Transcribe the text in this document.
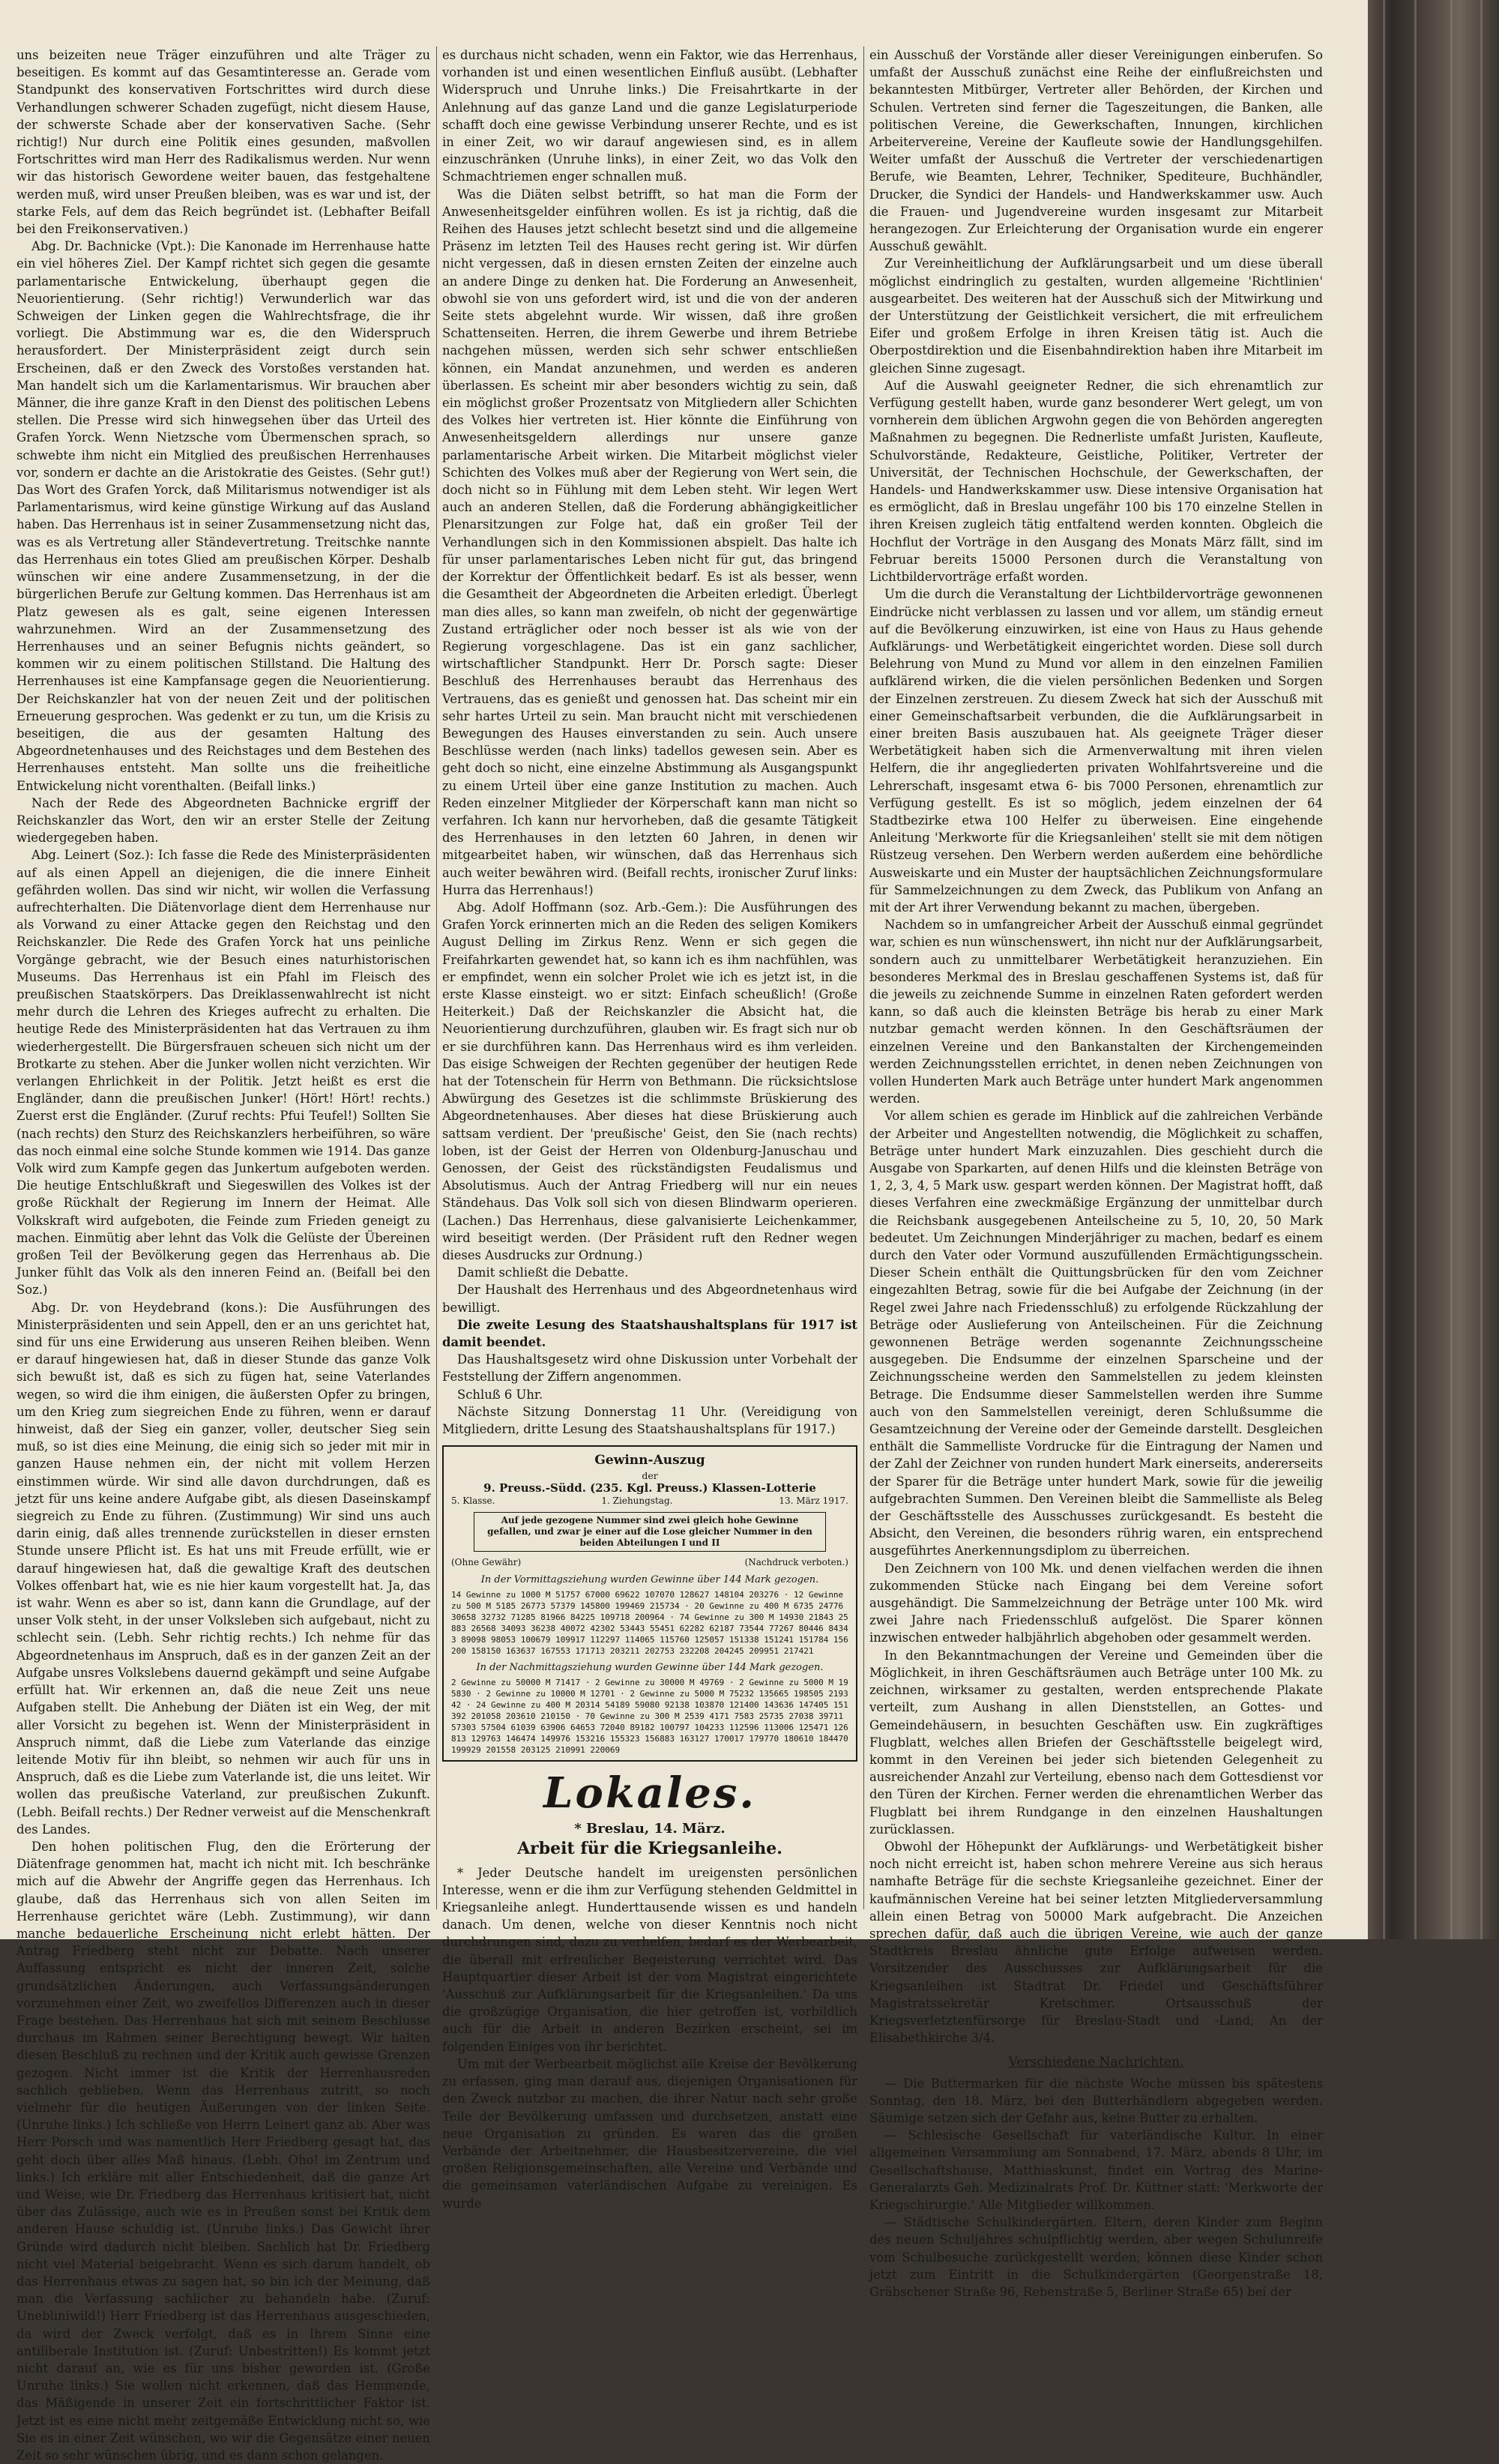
uns beizeiten neue Träger einzuführen und alte Träger zu beseitigen. Es kommt auf das Gesamtinteresse an. Gerade vom Standpunkt des konservativen Fortschrittes wird durch diese Verhandlungen schwerer Schaden zugefügt, nicht diesem Hause, der schwerste Schade aber der konservativen Sache. (Sehr richtig!) Nur durch eine Politik eines gesunden, maßvollen Fortschrittes wird man Herr des Radikalismus werden. Nur wenn wir das historisch Gewordene weiter bauen, das festgehaltene werden muß, wird unser Preußen bleiben, was es war und ist, der starke Fels, auf dem das Reich begründet ist. (Lebhafter Beifall bei den Freikonservativen.)

Abg. Dr. Bachnicke (Vpt.): Die Kanonade im Herrenhause hatte ein viel höheres Ziel. Der Kampf richtet sich gegen die gesamte parlamentarische Entwickelung, überhaupt gegen die Neuorientierung. (Sehr richtig!) Verwunderlich war das Schweigen der Linken gegen die Wahlrechtsfrage, die ihr vorliegt. Die Abstimmung war es, die den Widerspruch herausfordert. Der Ministerpräsident zeigt durch sein Erscheinen, daß er den Zweck des Vorstoßes verstanden hat. Man handelt sich um die Karlamentarismus. Wir brauchen aber Männer, die ihre ganze Kraft in den Dienst des politischen Lebens stellen. Die Presse wird sich hinwegsehen über das Urteil des Grafen Yorck. Wenn Nietzsche vom Übermenschen sprach, so schwebte ihm nicht ein Mitglied des preußischen Herrenhauses vor, sondern er dachte an die Aristokratie des Geistes. (Sehr gut!) Das Wort des Grafen Yorck, daß Militarismus notwendiger ist als Parlamentarismus, wird keine günstige Wirkung auf das Ausland haben. Das Herrenhaus ist in seiner Zusammensetzung nicht das, was es als Vertretung aller Ständevertretung. Treitschke nannte das Herrenhaus ein totes Glied am preußischen Körper. Deshalb wünschen wir eine andere Zusammensetzung, in der die bürgerlichen Berufe zur Geltung kommen. Das Herrenhaus ist am Platz gewesen als es galt, seine eigenen Interessen wahrzunehmen. Wird an der Zusammensetzung des Herrenhauses und an seiner Befugnis nichts geändert, so kommen wir zu einem politischen Stillstand. Die Haltung des Herrenhauses ist eine Kampfansage gegen die Neuorientierung. Der Reichskanzler hat von der neuen Zeit und der politischen Erneuerung gesprochen. Was gedenkt er zu tun, um die Krisis zu beseitigen, die aus der gesamten Haltung des Abgeordnetenhauses und des Reichstages und dem Bestehen des Herrenhauses entsteht. Man sollte uns die freiheitliche Entwickelung nicht vorenthalten. (Beifall links.)

Nach der Rede des Abgeordneten Bachnicke ergriff der Reichskanzler das Wort, den wir an erster Stelle der Zeitung wiedergegeben haben.

Abg. Leinert (Soz.): Ich fasse die Rede des Ministerpräsidenten auf als einen Appell an diejenigen, die die innere Einheit gefährden wollen. Das sind wir nicht, wir wollen die Verfassung aufrechterhalten. Die Diätenvorlage dient dem Herrenhause nur als Vorwand zu einer Attacke gegen den Reichstag und den Reichskanzler. Die Rede des Grafen Yorck hat uns peinliche Vorgänge gebracht, wie der Besuch eines naturhistorischen Museums. Das Herrenhaus ist ein Pfahl im Fleisch des preußischen Staatskörpers. Das Dreiklassenwahlrecht ist nicht mehr durch die Lehren des Krieges aufrecht zu erhalten. Die heutige Rede des Ministerpräsidenten hat das Vertrauen zu ihm wiederhergestellt. Die Bürgersfrauen scheuen sich nicht um der Brotkarte zu stehen. Aber die Junker wollen nicht verzichten. Wir verlangen Ehrlichkeit in der Politik. Jetzt heißt es erst die Engländer, dann die preußischen Junker! (Hört! Hört! rechts.) Zuerst erst die Engländer. (Zuruf rechts: Pfui Teufel!) Sollten Sie (nach rechts) den Sturz des Reichskanzlers herbeiführen, so wäre das noch einmal eine solche Stunde kommen wie 1914. Das ganze Volk wird zum Kampfe gegen das Junkertum aufgeboten werden. Die heutige Entschlußkraft und Siegeswillen des Volkes ist der große Rückhalt der Regierung im Innern der Heimat. Alle Volkskraft wird aufgeboten, die Feinde zum Frieden geneigt zu machen. Einmütig aber lehnt das Volk die Gelüste der Übereinen großen Teil der Bevölkerung gegen das Herrenhaus ab. Die Junker fühlt das Volk als den inneren Feind an. (Beifall bei den Soz.)

Abg. Dr. von Heydebrand (kons.): Die Ausführungen des Ministerpräsidenten und sein Appell, den er an uns gerichtet hat, sind für uns eine Erwiderung aus unseren Reihen bleiben. Wenn er darauf hingewiesen hat, daß in dieser Stunde das ganze Volk sich bewußt ist, daß es sich zu fügen hat, seine Vaterlandes wegen, so wird die ihm einigen, die äußersten Opfer zu bringen, um den Krieg zum siegreichen Ende zu führen, wenn er darauf hinweist, daß der Sieg ein ganzer, voller, deutscher Sieg sein muß, so ist dies eine Meinung, die einig sich so jeder mit mir in ganzen Hause nehmen ein, der nicht mit vollem Herzen einstimmen würde. Wir sind alle davon durchdrungen, daß es jetzt für uns keine andere Aufgabe gibt, als diesen Daseinskampf siegreich zu Ende zu führen. (Zustimmung) Wir sind uns auch darin einig, daß alles trennende zurückstellen in dieser ernsten Stunde unsere Pflicht ist. Es hat uns mit Freude erfüllt, wie er darauf hingewiesen hat, daß die gewaltige Kraft des deutschen Volkes offenbart hat, wie es nie hier kaum vorgestellt hat. Ja, das ist wahr. Wenn es aber so ist, dann kann die Grundlage, auf der unser Volk steht, in der unser Volksleben sich aufgebaut, nicht zu schlecht sein. (Lebh. Sehr richtig rechts.) Ich nehme für das Abgeordnetenhaus im Anspruch, daß es in der ganzen Zeit an der Aufgabe unsres Volkslebens dauernd gekämpft und seine Aufgabe erfüllt hat. Wir erkennen an, daß die neue Zeit uns neue Aufgaben stellt. Die Anhebung der Diäten ist ein Weg, der mit aller Vorsicht zu begehen ist. Wenn der Ministerpräsident in Anspruch nimmt, daß die Liebe zum Vaterlande das einzige leitende Motiv für ihn bleibt, so nehmen wir auch für uns in Anspruch, daß es die Liebe zum Vaterlande ist, die uns leitet. Wir wollen das preußische Vaterland, zur preußischen Zukunft. (Lebh. Beifall rechts.) Der Redner verweist auf die Menschenkraft des Landes.

Den hohen politischen Flug, den die Erörterung der Diätenfrage genommen hat, macht ich nicht mit. Ich beschränke mich auf die Abwehr der Angriffe gegen das Herrenhaus. Ich glaube, daß das Herrenhaus sich von allen Seiten im Herrenhause gerichtet wäre (Lebh. Zustimmung), wir dann manche bedauerliche Erscheinung nicht erlebt hätten. Der Antrag Friedberg steht nicht zur Debatte. Nach unserer Auffassung entspricht es nicht der inneren Zeit, solche grundsätzlichen Änderungen, auch Verfassungsänderungen vorzunehmen einer Zeit, wo zweifellos Differenzen auch in dieser Frage bestehen. Das Herrenhaus hat sich mit seinem Beschlusse durchaus im Rahmen seiner Berechtigung bewegt. Wir halten diesen Beschluß zu rechnen und der Kritik auch gewisse Grenzen gezogen. Nicht immer ist die Kritik der Herrenhausreden sachlich geblieben. Wenn das Herrenhaus zutritt, so noch vielmehr für die heutigen Äußerungen von der linken Seite. (Unruhe links.) Ich schließe von Herrn Leinert ganz ab. Aber was Herr Porsch und was namentlich Herr Friedberg gesagt hat, das geht doch über alles Maß hinaus. (Lebh. Oho! im Zentrum und links.) Ich erkläre mit aller Entschiedenheit, daß die ganze Art und Weise, wie Dr. Friedberg das Herrenhaus kritisiert hat, nicht über das Zulässige, auch wie es in Preußen sonst bei Kritik dem anderen Hause schuldig ist. (Unruhe links.) Das Gewicht ihrer Gründe wird dadurch nicht bleiben. Sachlich hat Dr. Friedberg nicht viel Material beigebracht. Wenn es sich darum handelt, ob das Herrenhaus etwas zu sagen hat, so bin ich der Meinung, daß man die Verfassung sachlicher zu behandeln habe. (Zuruf: Unebliniwild!) Herr Friedberg ist das Herrenhaus ausgeschieden, da wird der Zweck verfolgt, daß es in Ihrem Sinne eine antiliberale Institution ist. (Zuruf: Unbestritten!) Es kommt jetzt nicht darauf an, wie es für uns bisher geworden ist. (Große Unruhe links.) Sie wollen nicht erkennen, daß das Hemmende, das Mäßigende in unserer Zeit ein fortschrittlicher Faktor ist. Jetzt ist es eine nicht mehr zeitgemäße Entwicklung nicht so, wie Sie es in einer Zeit wünschen, wo wir die Gegensätze einer neuen Zeit so sehr wünschen übrig, und es dann schon gelangen.

es durchaus nicht schaden, wenn ein Faktor, wie das Herrenhaus, vorhanden ist und einen wesentlichen Einfluß ausübt. (Lebhafter Widerspruch und Unruhe links.) Die Freisahrtkarte in der Anlehnung auf das ganze Land und die ganze Legislaturperiode schafft doch eine gewisse Verbindung unserer Rechte, und es ist in einer Zeit, wo wir darauf angewiesen sind, es in allem einzuschränken (Unruhe links), in einer Zeit, wo das Volk den Schmachtriemen enger schnallen muß.

Was die Diäten selbst betrifft, so hat man die Form der Anwesenheitsgelder einführen wollen. Es ist ja richtig, daß die Reihen des Hauses jetzt schlecht besetzt sind und die allgemeine Präsenz im letzten Teil des Hauses recht gering ist. Wir dürfen nicht vergessen, daß in diesen ernsten Zeiten der einzelne auch an andere Dinge zu denken hat. Die Forderung an Anwesenheit, obwohl sie von uns gefordert wird, ist und die von der anderen Seite stets abgelehnt wurde. Wir wissen, daß ihre großen Schattenseiten. Herren, die ihrem Gewerbe und ihrem Betriebe nachgehen müssen, werden sich sehr schwer entschließen können, ein Mandat anzunehmen, und werden es anderen überlassen. Es scheint mir aber besonders wichtig zu sein, daß ein möglichst großer Prozentsatz von Mitgliedern aller Schichten des Volkes hier vertreten ist. Hier könnte die Einführung von Anwesenheitsgeldern allerdings nur unsere ganze parlamentarische Arbeit wirken. Die Mitarbeit möglichst vieler Schichten des Volkes muß aber der Regierung von Wert sein, die doch nicht so in Fühlung mit dem Leben steht. Wir legen Wert auch an anderen Stellen, daß die Forderung abhängigkeitlicher Plenarsitzungen zur Folge hat, daß ein großer Teil der Verhandlungen sich in den Kommissionen abspielt. Das halte ich für unser parlamentarisches Leben nicht für gut, das bringend der Korrektur der Öffentlichkeit bedarf. Es ist als besser, wenn die Gesamtheit der Abgeordneten die Arbeiten erledigt. Überlegt man dies alles, so kann man zweifeln, ob nicht der gegenwärtige Zustand erträglicher oder noch besser ist als wie von der Regierung vorgeschlagene. Das ist ein ganz sachlicher, wirtschaftlicher Standpunkt. Herr Dr. Porsch sagte: Dieser Beschluß des Herrenhauses beraubt das Herrenhaus des Vertrauens, das es genießt und genossen hat. Das scheint mir ein sehr hartes Urteil zu sein. Man braucht nicht mit verschiedenen Bewegungen des Hauses einverstanden zu sein. Auch unsere Beschlüsse werden (nach links) tadellos gewesen sein. Aber es geht doch so nicht, eine einzelne Abstimmung als Ausgangspunkt zu einem Urteil über eine ganze Institution zu machen. Auch Reden einzelner Mitglieder der Körperschaft kann man nicht so verfahren. Ich kann nur hervorheben, daß die gesamte Tätigkeit des Herrenhauses in den letzten 60 Jahren, in denen wir mitgearbeitet haben, wir wünschen, daß das Herrenhaus sich auch weiter bewähren wird. (Beifall rechts, ironischer Zuruf links: Hurra das Herrenhaus!)

Abg. Adolf Hoffmann (soz. Arb.-Gem.): Die Ausführungen des Grafen Yorck erinnerten mich an die Reden des seligen Komikers August Delling im Zirkus Renz. Wenn er sich gegen die Freifahrkarten gewendet hat, so kann ich es ihm nachfühlen, was er empfindet, wenn ein solcher Prolet wie ich es jetzt ist, in die erste Klasse einsteigt. wo er sitzt: Einfach scheußlich! (Große Heiterkeit.) Daß der Reichskanzler die Absicht hat, die Neuorientierung durchzuführen, glauben wir. Es fragt sich nur ob er sie durchführen kann. Das Herrenhaus wird es ihm verleiden. Das eisige Schweigen der Rechten gegenüber der heutigen Rede hat der Totenschein für Herrn von Bethmann. Die rücksichtslose Abwürgung des Gesetzes ist die schlimmste Brüskierung des Abgeordnetenhauses. Aber dieses hat diese Brüskierung auch sattsam verdient. Der 'preußische' Geist, den Sie (nach rechts) loben, ist der Geist der Herren von Oldenburg-Januschau und Genossen, der Geist des rückständigsten Feudalismus und Absolutismus. Auch der Antrag Friedberg will nur ein neues Ständehaus. Das Volk soll sich von diesen Blindwarm operieren. (Lachen.) Das Herrenhaus, diese galvanisierte Leichenkammer, wird beseitigt werden. (Der Präsident ruft den Redner wegen dieses Ausdrucks zur Ordnung.)

Damit schließt die Debatte.

Der Haushalt des Herrenhaus und des Abgeordnetenhaus wird bewilligt.

Die zweite Lesung des Staatshaushaltsplans für 1917 ist damit beendet.

Das Haushaltsgesetz wird ohne Diskussion unter Vorbehalt der Feststellung der Ziffern angenommen.

Schluß 6 Uhr.

Nächste Sitzung Donnerstag 11 Uhr. (Vereidigung von Mitgliedern, dritte Lesung des Staatshaushaltsplans für 1917.)

Gewinn-Auszug
der
9. Preuss.-Südd. (235. Kgl. Preuss.) Klassen-Lotterie
5. Klasse.	1. Ziehungstag.	13. März 1917.
Auf jede gezogene Nummer sind zwei gleich hohe Gewinne gefallen, und zwar je einer auf die Lose gleicher Nummer in den beiden Abteilungen I und II
(Ohne Gewähr)	(Nachdruck verboten.)
In der Vormittagsziehung wurden Gewinne über 144 Mark gezogen.
14 Gewinne zu 1000 M 51757 67000 69622 107070 128627 148104 203276 · 12 Gewinne zu 500 M 5185 26773 57379 145800 199469 215734 · 20 Gewinne zu 400 M 6735 24776 30658 32732 71285 81966 84225 109718 200964 · 74 Gewinne zu 300 M 14930 21843 25883 26568 34093 36238 40072 42302 53443 55451 62282 62187 73544 77267 80446 84343 89098 98053 100679 109917 112297 114065 115760 125057 151338 151241 151784 156200 158150 163637 167553 171713 203211 202753 232208 204245 209951 217421
In der Nachmittagsziehung wurden Gewinne über 144 Mark gezogen.
2 Gewinne zu 50000 M 71417 · 2 Gewinne zu 30000 M 49769 · 2 Gewinne zu 5000 M 195830 · 2 Gewinne zu 10000 M 12701 · 2 Gewinne zu 5000 M 75232 135665 198505 219342 · 24 Gewinne zu 400 M 20314 54189 59080 92138 103870 121400 143636 147405 151392 201058 203610 210150 · 70 Gewinne zu 300 M 2539 4171 7583 25735 27038 39711 57303 57504 61039 63906 64653 72040 89182 100797 104233 112596 113006 125471 126813 129763 146474 149976 153216 155323 156883 163127 170017 179770 180610 184470 199929 201558 203125 210991 220069
Lokales.
* Breslau, 14. März.
Arbeit für die Kriegsanleihe.

* Jeder Deutsche handelt im ureigensten persönlichen Interesse, wenn er die ihm zur Verfügung stehenden Geldmittel in Kriegsanleihe anlegt. Hunderttausende wissen es und handeln danach. Um denen, welche von dieser Kenntnis noch nicht durchdrungen sind, dazu zu verhelfen, bedarf es der Werbearbeit, die überall mit erfreulicher Begeisterung verrichtet wird. Das Hauptquartier dieser Arbeit ist der vom Magistrat eingerichtete 'Ausschuß zur Aufklärungsarbeit für die Kriegsanleihen.' Da uns die großzügige Organisation, die hier getroffen ist, vorbildlich auch für die Arbeit in anderen Bezirken erscheint, sei im folgenden Einiges von ihr berichtet.

Um mit der Werbearbeit möglichst alle Kreise der Bevölkerung zu erfassen, ging man darauf aus, diejenigen Organisationen für den Zweck nutzbar zu machen, die ihrer Natur nach sehr große Teile der Bevölkerung umfassen und durchsetzen, anstatt eine neue Organisation zu gründen. Es waren das die großen Verbände der Arbeitnehmer, die Hausbesitzervereine, die viel großen Religionsgemeinschaften, alle Vereine und Verbände und die gemeinsamen vaterländischen Aufgabe zu vereinigen. Es wurde

ein Ausschuß der Vorstände aller dieser Vereinigungen einberufen. So umfaßt der Ausschuß zunächst eine Reihe der einflußreichsten und bekanntesten Mitbürger, Vertreter aller Behörden, der Kirchen und Schulen. Vertreten sind ferner die Tageszeitungen, die Banken, alle politischen Vereine, die Gewerkschaften, Innungen, kirchlichen Arbeitervereine, Vereine der Kaufleute sowie der Handlungsgehilfen. Weiter umfaßt der Ausschuß die Vertreter der verschiedenartigen Berufe, wie Beamten, Lehrer, Techniker, Spediteure, Buchhändler, Drucker, die Syndici der Handels- und Handwerkskammer usw. Auch die Frauen- und Jugendvereine wurden insgesamt zur Mitarbeit herangezogen. Zur Erleichterung der Organisation wurde ein engerer Ausschuß gewählt.

Zur Vereinheitlichung der Aufklärungsarbeit und um diese überall möglichst eindringlich zu gestalten, wurden allgemeine 'Richtlinien' ausgearbeitet. Des weiteren hat der Ausschuß sich der Mitwirkung und der Unterstützung der Geistlichkeit versichert, die mit erfreulichem Eifer und großem Erfolge in ihren Kreisen tätig ist. Auch die Oberpostdirektion und die Eisenbahndirektion haben ihre Mitarbeit im gleichen Sinne zugesagt.

Auf die Auswahl geeigneter Redner, die sich ehrenamtlich zur Verfügung gestellt haben, wurde ganz besonderer Wert gelegt, um von vornherein dem üblichen Argwohn gegen die von Behörden angeregten Maßnahmen zu begegnen. Die Rednerliste umfaßt Juristen, Kaufleute, Schulvorstände, Redakteure, Geistliche, Politiker, Vertreter der Universität, der Technischen Hochschule, der Gewerkschaften, der Handels- und Handwerkskammer usw. Diese intensive Organisation hat es ermöglicht, daß in Breslau ungefähr 100 bis 170 einzelne Stellen in ihren Kreisen zugleich tätig entfaltend werden konnten. Obgleich die Hochflut der Vorträge in den Ausgang des Monats März fällt, sind im Februar bereits 15000 Personen durch die Veranstaltung von Lichtbildervorträge erfaßt worden.

Um die durch die Veranstaltung der Lichtbildervorträge gewonnenen Eindrücke nicht verblassen zu lassen und vor allem, um ständig erneut auf die Bevölkerung einzuwirken, ist eine von Haus zu Haus gehende Aufklärungs- und Werbetätigkeit eingerichtet worden. Diese soll durch Belehrung von Mund zu Mund vor allem in den einzelnen Familien aufklärend wirken, die die vielen persönlichen Bedenken und Sorgen der Einzelnen zerstreuen. Zu diesem Zweck hat sich der Ausschuß mit einer Gemeinschaftsarbeit verbunden, die die Aufklärungsarbeit in einer breiten Basis auszubauen hat. Als geeignete Träger dieser Werbetätigkeit haben sich die Armenverwaltung mit ihren vielen Helfern, die ihr angegliederten privaten Wohlfahrtsvereine und die Lehrerschaft, insgesamt etwa 6- bis 7000 Personen, ehrenamtlich zur Verfügung gestellt. Es ist so möglich, jedem einzelnen der 64 Stadtbezirke etwa 100 Helfer zu überweisen. Eine eingehende Anleitung 'Merkworte für die Kriegsanleihen' stellt sie mit dem nötigen Rüstzeug versehen. Den Werbern werden außerdem eine behördliche Ausweiskarte und ein Muster der hauptsächlichen Zeichnungsformulare für Sammelzeichnungen zu dem Zweck, das Publikum von Anfang an mit der Art ihrer Verwendung bekannt zu machen, übergeben.

Nachdem so in umfangreicher Arbeit der Ausschuß einmal gegründet war, schien es nun wünschenswert, ihn nicht nur der Aufklärungsarbeit, sondern auch zu unmittelbarer Werbetätigkeit heranzuziehen. Ein besonderes Merkmal des in Breslau geschaffenen Systems ist, daß für die jeweils zu zeichnende Summe in einzelnen Raten gefordert werden kann, so daß auch die kleinsten Beträge bis herab zu einer Mark nutzbar gemacht werden können. In den Geschäftsräumen der einzelnen Vereine und den Bankanstalten der Kirchengemeinden werden Zeichnungsstellen errichtet, in denen neben Zeichnungen von vollen Hunderten Mark auch Beträge unter hundert Mark angenommen werden.

Vor allem schien es gerade im Hinblick auf die zahlreichen Verbände der Arbeiter und Angestellten notwendig, die Möglichkeit zu schaffen, Beträge unter hundert Mark einzuzahlen. Dies geschieht durch die Ausgabe von Sparkarten, auf denen Hilfs und die kleinsten Beträge von 1, 2, 3, 4, 5 Mark usw. gespart werden können. Der Magistrat hofft, daß dieses Verfahren eine zweckmäßige Ergänzung der unmittelbar durch die Reichsbank ausgegebenen Anteilscheine zu 5, 10, 20, 50 Mark bedeutet. Um Zeichnungen Minderjähriger zu machen, bedarf es einem durch den Vater oder Vormund auszufüllenden Ermächtigungsschein. Dieser Schein enthält die Quittungsbrücken für den vom Zeichner eingezahlten Betrag, sowie für die bei Aufgabe der Zeichnung (in der Regel zwei Jahre nach Friedensschluß) zu erfolgende Rückzahlung der Beträge oder Auslieferung von Anteilscheinen. Für die Zeichnung gewonnenen Beträge werden sogenannte Zeichnungsscheine ausgegeben. Die Endsumme der einzelnen Sparscheine und der Zeichnungsscheine werden den Sammelstellen zu jedem kleinsten Betrage. Die Endsumme dieser Sammelstellen werden ihre Summe auch von den Sammelstellen vereinigt, deren Schlußsumme die Gesamtzeichnung der Vereine oder der Gemeinde darstellt. Desgleichen enthält die Sammelliste Vordrucke für die Eintragung der Namen und der Zahl der Zeichner von runden hundert Mark einerseits, andererseits der Sparer für die Beträge unter hundert Mark, sowie für die jeweilig aufgebrachten Summen. Den Vereinen bleibt die Sammelliste als Beleg der Geschäftsstelle des Ausschusses zurückgesandt. Es besteht die Absicht, den Vereinen, die besonders rührig waren, ein entsprechend ausgeführtes Anerkennungsdiplom zu überreichen.

Den Zeichnern von 100 Mk. und denen vielfachen werden die ihnen zukommenden Stücke nach Eingang bei dem Vereine sofort ausgehändigt. Die Sammelzeichnung der Beträge unter 100 Mk. wird zwei Jahre nach Friedensschluß aufgelöst. Die Sparer können inzwischen entweder halbjährlich abgehoben oder gesammelt werden.

In den Bekanntmachungen der Vereine und Gemeinden über die Möglichkeit, in ihren Geschäftsräumen auch Beträge unter 100 Mk. zu zeichnen, wirksamer zu gestalten, werden entsprechende Plakate verteilt, zum Aushang in allen Dienststellen, an Gottes- und Gemeindehäusern, in besuchten Geschäften usw. Ein zugkräftiges Flugblatt, welches allen Briefen der Geschäftsstelle beigelegt wird, kommt in den Vereinen bei jeder sich bietenden Gelegenheit zu ausreichender Anzahl zur Verteilung, ebenso nach dem Gottesdienst vor den Türen der Kirchen. Ferner werden die ehrenamtlichen Werber das Flugblatt bei ihrem Rundgange in den einzelnen Haushaltungen zurücklassen.

Obwohl der Höhepunkt der Aufklärungs- und Werbetätigkeit bisher noch nicht erreicht ist, haben schon mehrere Vereine aus sich heraus namhafte Beträge für die sechste Kriegsanleihe gezeichnet. Einer der kaufmännischen Vereine hat bei seiner letzten Mitgliederversammlung allein einen Betrag von 50000 Mark aufgebracht. Die Anzeichen sprechen dafür, daß auch die übrigen Vereine, wie auch der ganze Stadtkreis Breslau ähnliche gute Erfolge aufweisen werden. Vorsitzender des Ausschusses zur Aufklärungsarbeit für die Kriegsanleihen ist Stadtrat Dr. Friedel und Geschäftsführer Magistratssekretär Kretschmer. Ortsausschuß der Kriegsverletztenfürsorge für Breslau-Stadt und -Land, An der Elisabethkirche 3/4.

Verschiedene Nachrichten.

— Die Buttermarken für die nächste Woche müssen bis spätestens Sonntag, den 18. März, bei den Butterhändlern abgegeben werden. Säumige setzen sich der Gefahr aus, keine Butter zu erhalten.

— Schlesische Gesellschaft für vaterländische Kultur. In einer allgemeinen Versammlung am Sonnabend, 17. März, abends 8 Uhr, im Gesellschaftshause, Matthiaskunst, findet ein Vortrag des Marine-Generalarzts Geh. Medizinalrats Prof. Dr. Küttner statt: 'Merkworte der Kriegschirurgie.' Alle Mitglieder willkommen.

— Städtische Schulkindergärten. Eltern, deren Kinder zum Beginn des neuen Schuljahres schulpflichtig werden, aber wegen Schulunreife vom Schulbesuche zurückgestellt werden, können diese Kinder schon jetzt zum Eintritt in die Schulkindergärten (Georgenstraße 18, Gräbschener Straße 96, Rebenstraße 5, Berliner Straße 65) bei der
